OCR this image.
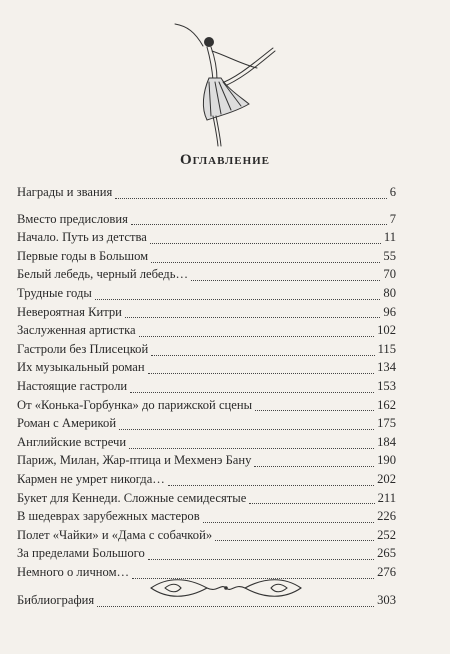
Оглавление
Награды и звания	6
Вместо предисловия	7
Начало. Путь из детства	11
Первые годы в Большом	55
Белый лебедь, черный лебедь…	70
Трудные годы	80
Невероятная Китри	96
Заслуженная артистка	102
Гастроли без Плисецкой	115
Их музыкальный роман	134
Настоящие гастроли	153
От «Конька-Горбунка» до парижской сцены	162
Роман с Америкой	175
Английские встречи	184
Париж, Милан, Жар-птица и Мехменэ Бану	190
Кармен не умрет никогда…	202
Букет для Кеннеди. Сложные семидесятые	211
В шедеврах зарубежных мастеров	226
Полет «Чайки» и «Дама с собачкой»	252
За пределами Большого	265
Немного о личном…	276
Библиография	303
